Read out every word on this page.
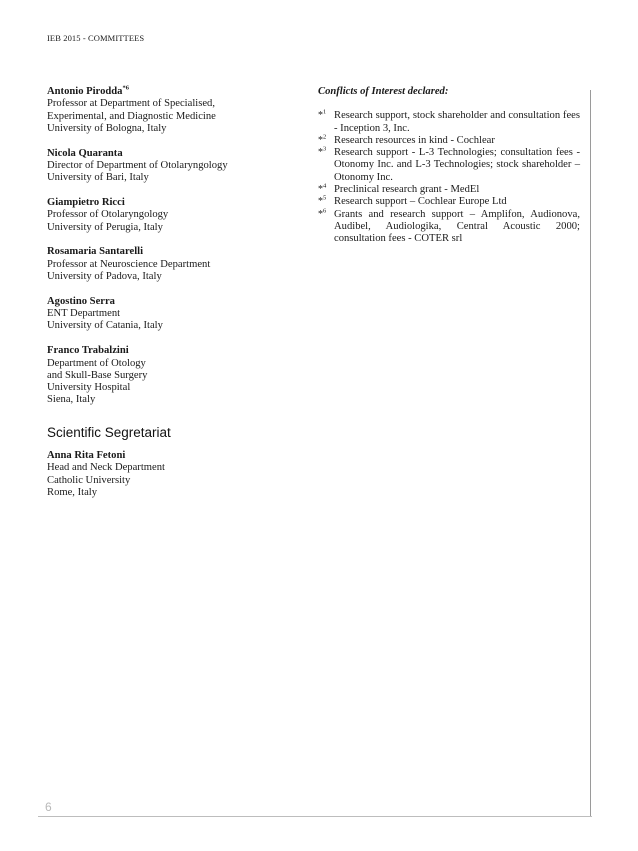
IEB 2015 - COMMITTEES
Antonio Pirodda$^{*6}$
Professor at Department of Specialised,
Experimental, and Diagnostic Medicine
University of Bologna, Italy
Nicola Quaranta
Director of Department of Otolaryngology
University of Bari, Italy
Giampietro Ricci
Professor of Otolaryngology
University of Perugia, Italy
Rosamaria Santarelli
Professor at Neuroscience Department
University of Padova, Italy
Agostino Serra
ENT Department
University of Catania, Italy
Franco Trabalzini
Department of Otology
and Skull-Base Surgery
University Hospital
Siena, Italy
Scientific Segretariat
Anna Rita Fetoni
Head and Neck Department
Catholic University
Rome, Italy
Conflicts of Interest declared:
*$^1$ Research support, stock shareholder and consultation fees - Inception 3, Inc.
*$^2$ Research resources in kind - Cochlear
*$^3$ Research support - L-3 Technologies; consultation fees - Otonomy Inc. and L-3 Technologies; stock shareholder – Otonomy Inc.
*$^4$ Preclinical research grant - MedEl
*$^5$ Research support – Cochlear Europe Ltd
*$^6$ Grants and research support – Amplifon, Audionova, Audibel, Audiologika, Central Acoustic 2000; consultation fees - COTER srl
6
